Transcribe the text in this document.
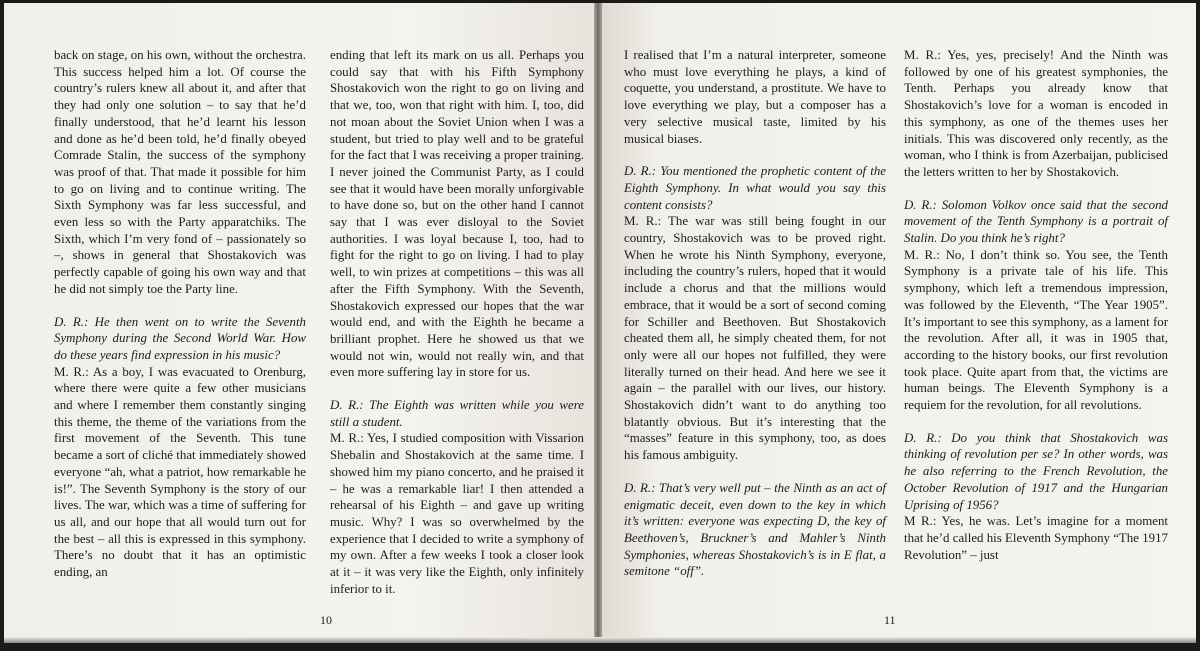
back on stage, on his own, without the orchestra. This success helped him a lot. Of course the country’s rulers knew all about it, and after that they had only one solution – to say that he’d finally understood, that he’d learnt his lesson and done as he’d been told, he’d finally obeyed Comrade Stalin, the success of the symphony was proof of that. That made it possible for him to go on living and to continue writing. The Sixth Symphony was far less successful, and even less so with the Party apparatchiks. The Sixth, which I’m very fond of – passionately so –, shows in general that Shostakovich was perfectly capable of going his own way and that he did not simply toe the Party line.

D. R.: He then went on to write the Seventh Symphony during the Second World War. How do these years find expression in his music?

M. R.: As a boy, I was evacuated to Orenburg, where there were quite a few other musicians and where I remember them constantly singing this theme, the theme of the variations from the first movement of the Seventh. This tune became a sort of cliché that immediately showed everyone “ah, what a patriot, how remarkable he is!”. The Seventh Symphony is the story of our lives. The war, which was a time of suffering for us all, and our hope that all would turn out for the best – all this is expressed in this symphony. There’s no doubt that it has an optimistic ending, an

ending that left its mark on us all. Perhaps you could say that with his Fifth Symphony Shostakovich won the right to go on living and that we, too, won that right with him. I, too, did not moan about the Soviet Union when I was a student, but tried to play well and to be grateful for the fact that I was receiving a proper training. I never joined the Communist Party, as I could see that it would have been morally unforgivable to have done so, but on the other hand I cannot say that I was ever disloyal to the Soviet authorities. I was loyal because I, too, had to fight for the right to go on living. I had to play well, to win prizes at competitions – this was all after the Fifth Symphony. With the Seventh, Shostakovich expressed our hopes that the war would end, and with the Eighth he became a brilliant prophet. Here he showed us that we would not win, would not really win, and that even more suffering lay in store for us.

D. R.: The Eighth was written while you were still a student.

M. R.: Yes, I studied composition with Vissarion Shebalin and Shostakovich at the same time. I showed him my piano concerto, and he praised it – he was a remarkable liar! I then attended a rehearsal of his Eighth – and gave up writing music. Why? I was so overwhelmed by the experience that I decided to write a symphony of my own. After a few weeks I took a closer look at it – it was very like the Eighth, only infinitely inferior to it.

10

I realised that I’m a natural interpreter, someone who must love everything he plays, a kind of coquette, you understand, a prostitute. We have to love everything we play, but a composer has a very selective musical taste, limited by his musical biases.

D. R.: You mentioned the prophetic content of the Eighth Symphony. In what would you say this content consists?

M. R.: The war was still being fought in our country, Shostakovich was to be proved right. When he wrote his Ninth Symphony, everyone, including the country’s rulers, hoped that it would include a chorus and that the millions would embrace, that it would be a sort of second coming for Schiller and Beethoven. But Shostakovich cheated them all, he simply cheated them, for not only were all our hopes not fulfilled, they were literally turned on their head. And here we see it again – the parallel with our lives, our history. Shostakovich didn’t want to do anything too blatantly obvious. But it’s interesting that the “masses” feature in this symphony, too, as does his famous ambiguity.

D. R.: That’s very well put – the Ninth as an act of enigmatic deceit, even down to the key in which it’s written: everyone was expecting D, the key of Beethoven’s, Bruckner’s and Mahler’s Ninth Symphonies, whereas Shostakovich’s is in E flat, a semitone “off”.

M. R.: Yes, yes, precisely! And the Ninth was followed by one of his greatest symphonies, the Tenth. Perhaps you already know that Shostakovich’s love for a woman is encoded in this symphony, as one of the themes uses her initials. This was discovered only recently, as the woman, who I think is from Azerbaijan, publicised the letters written to her by Shostakovich.

D. R.: Solomon Volkov once said that the second movement of the Tenth Symphony is a portrait of Stalin. Do you think he’s right?

M. R.: No, I don’t think so. You see, the Tenth Symphony is a private tale of his life. This symphony, which left a tremendous impression, was followed by the Eleventh, “The Year 1905”. It’s important to see this symphony, as a lament for the revolution. After all, it was in 1905 that, according to the history books, our first revolution took place. Quite apart from that, the victims are human beings. The Eleventh Symphony is a requiem for the revolution, for all revolutions.

D. R.: Do you think that Shostakovich was thinking of revolution per se? In other words, was he also referring to the French Revolution, the October Revolution of 1917 and the Hungarian Uprising of 1956?

M R.: Yes, he was. Let’s imagine for a moment that he’d called his Eleventh Symphony “The 1917 Revolution” – just

11
